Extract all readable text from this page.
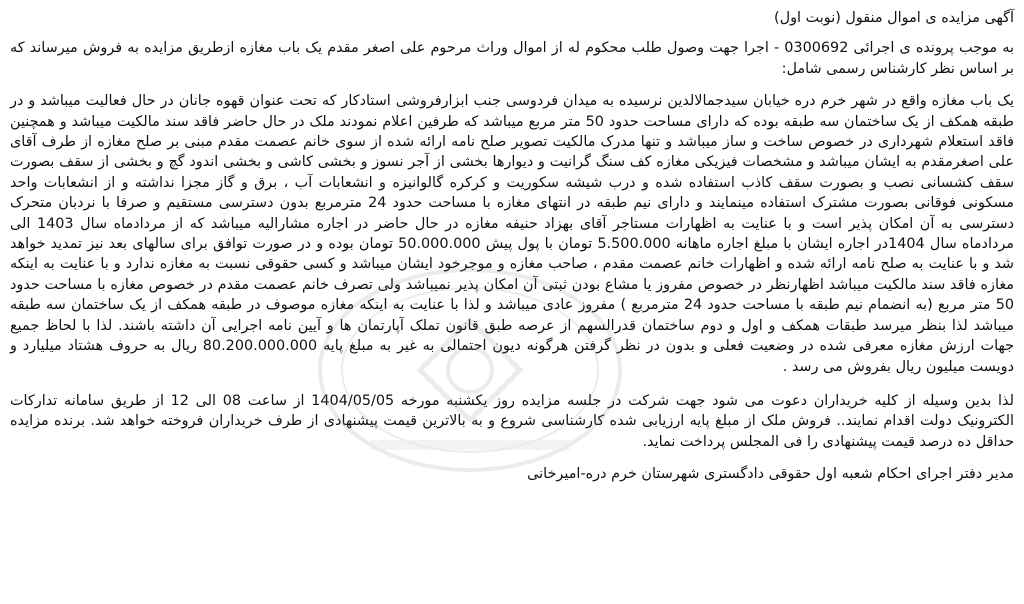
آگهی مزایده ی اموال منقول (نوبت اول)

به موجب پرونده ی اجرائی 0300692 - اجرا جهت وصول طلب محکوم له از اموال وراث مرحوم علی اصغر مقدم یک باب مغازه ازطریق مزایده به فروش میرساند که بر اساس نظر کارشناس رسمی شامل:

یک باب مغازه واقع در شهر خرم دره خیابان سیدجمالالدین نرسیده به میدان فردوسی جنب ابزارفروشی استادکار که تحت عنوان قهوه جانان در حال فعالیت میباشد و در طبقه همکف از یک ساختمان سه طبقه بوده که دارای مساحت حدود 50 متر مربع میباشد که طرفین اعلام نمودند ملک در حال حاضر فاقد سند مالکیت میباشد و همچنین فاقد استعلام شهرداری در خصوص ساخت و ساز میباشد و تنها مدرک مالکیت تصویر صلح نامه ارائه شده از سوی خانم عصمت مقدم مبنی بر صلح مغازه از طرف آقای علی اصغرمقدم به ایشان میباشد و مشخصات فیزیکی مغازه کف سنگ گرانیت و دیوارها بخشی از آجر نسوز و بخشی کاشی و بخشی اندود گچ و بخشی از سقف بصورت سقف کشسانی نصب و بصورت سقف کاذب استفاده شده و درب شیشه سکوریت و کرکره گالوانیزه و انشعابات آب ، برق و گاز مجزا نداشته و از انشعابات واحد مسکونی فوقانی بصورت مشترک استفاده مینمایند و دارای نیم طبقه در انتهای مغازه با مساحت حدود 24 مترمربع بدون دسترسی مستقیم و صرفا با نردبان متحرک دسترسی به آن امکان پذیر است و با عنایت به اظهارات مستاجر آقای بهزاد حنیفه مغازه در حال حاضر در اجاره مشارالیه میباشد که از مردادماه سال 1403 الی مردادماه سال 1404در اجاره ایشان با مبلغ اجاره ماهانه 5.500.000 تومان با پول پیش 50.000.000 تومان بوده و در صورت توافق برای سالهای بعد نیز تمدید خواهد شد و با عنایت به صلح نامه ارائه شده و اظهارات خانم عصمت مقدم ، صاحب مغازه و موجرخود ایشان میباشد و کسی حقوقی نسبت به مغازه ندارد و با عنایت به اینکه مغازه فاقد سند مالکیت میباشد اظهارنظر در خصوص مفروز یا مشاع بودن ثبتی آن امکان پذیر نمیباشد ولی تصرف خانم عصمت مقدم در خصوص مغازه با مساحت حدود 50 متر مربع (به انضمام نیم طبقه با مساحت حدود 24 مترمربع ) مفروز عادی میباشد و لذا با عنایت به اینکه مغازه موصوف در طبقه همکف از یک ساختمان سه طبقه میباشد لذا بنظر میرسد طبقات همکف و اول و دوم ساختمان قدرالسهم از عرصه طبق قانون تملک آپارتمان ها و آیین نامه اجرایی آن داشته باشند. لذا با لحاظ جمیع جهات ارزش مغازه معرفی شده در وضعیت فعلی و بدون در نظر گرفتن هرگونه دیون احتمالی به غیر به مبلغ پایه 80.200.000.000 ریال به حروف هشتاد میلیارد و دویست میلیون ریال بفروش می رسد .

لذا بدین وسیله از کلیه خریداران دعوت می شود جهت شرکت در جلسه مزایده روز یکشنبه مورخه 1404/05/05 از ساعت 08 الی 12 از طریق سامانه تدارکات الکترونیک دولت اقدام نمایند.. فروش ملک از مبلغ پایه ارزیابی شده کارشناسی شروع و به بالاترین قیمت پیشنهادی از طرف خریداران فروخته خواهد شد. برنده مزایده حداقل ده درصد قیمت پیشنهادی را فی المجلس پرداخت نماید.

مدیر دفتر اجرای احکام شعبه اول حقوقی دادگستری شهرستان خرم دره-امیرخانی
